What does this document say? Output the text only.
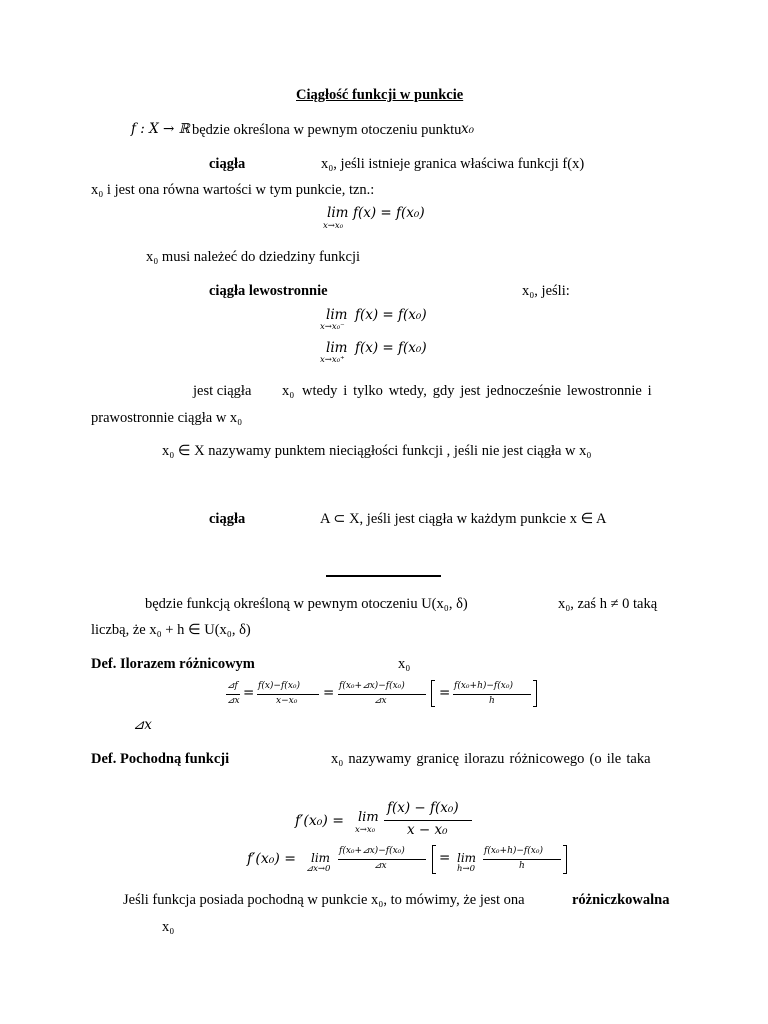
Ciągłość funkcji w punkcie
f : X → ℝ będzie określona w pewnym otoczeniu punktu x₀
ciągła	x₀, jeśli istnieje granica właściwa funkcji f(x)
x₀ i jest ona równa wartości w tym punkcie, tzn.:
lim
x→x₀
f(x) = f(x₀)
x₀ musi należeć do dziedziny funkcji
ciągła lewostronnie	x₀, jeśli:
lim
x→x₀⁻
f(x) = f(x₀)
lim
x→x₀⁺
f(x) = f(x₀)
jest ciągła x₀ wtedy i tylko wtedy, gdy jest jednocześnie lewostronnie i
prawostronnie ciągła w x₀
x₀ ∈ X nazywamy punktem nieciągłości funkcji , jeśli nie jest ciągła w x₀
ciągła	A ⊂ X, jeśli jest ciągła w każdym punkcie x ∈ A
będzie funkcją określoną w pewnym otoczeniu U(x₀, δ)	x₀, zaś h ≠ 0 taką
liczbą, że x₀ + h ∈ U(x₀, δ)
Def. Ilorazem różnicowym	x₀
⊿f
⊿x = f(x)−f(x₀)
x−x₀ = f(x₀+⊿x)−f(x₀)
⊿x	= f(x₀+h)−f(x₀)
h
⊿x
Def. Pochodną funkcji	x₀ nazywamy granicę ilorazu różnicowego (o ile taka
f′(x₀) = lim
x→x₀
f(x) − f(x₀)
x − x₀
f′(x₀) = lim
⊿x→0
f(x₀+⊿x)−f(x₀)
⊿x	= lim
h→0
f(x₀+h)−f(x₀)
h
Jeśli funkcja posiada pochodną w punkcie x₀, to mówimy, że jest ona	różniczkowalna
x₀
